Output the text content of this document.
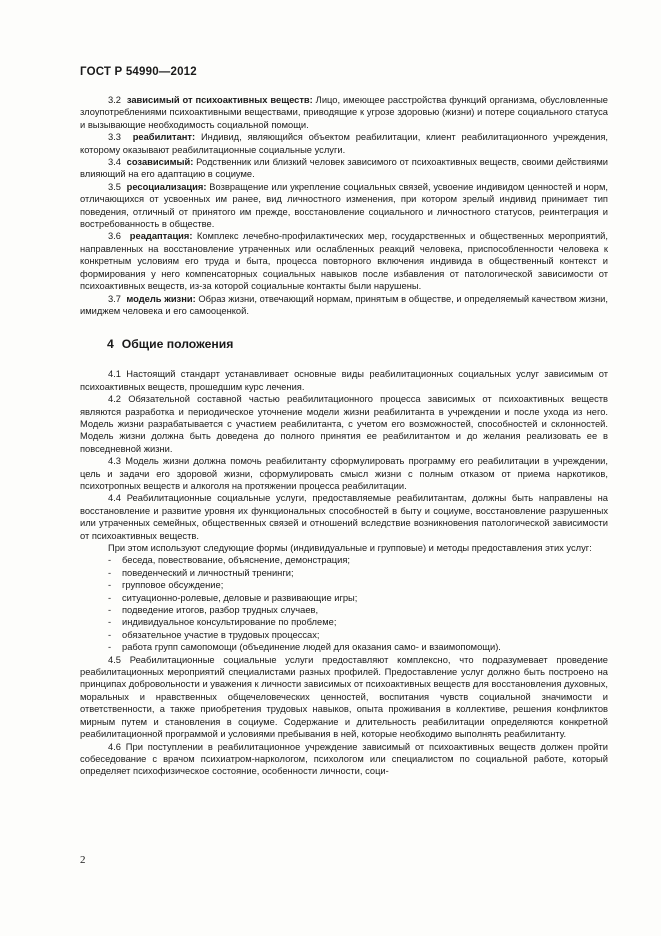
ГОСТ Р 54990—2012

3.2 зависимый от психоактивных веществ: Лицо, имеющее расстройства функций организма, обусловленные злоупотреблениями психоактивными веществами, приводящие к угрозе здоровью (жизни) и потере социального статуса и вызывающие необходимость социальной помощи.

3.3 реабилитант: Индивид, являющийся объектом реабилитации, клиент реабилитационного учреждения, которому оказывают реабилитационные социальные услуги.

3.4 созависимый: Родственник или близкий человек зависимого от психоактивных веществ, своими действиями влияющий на его адаптацию в социуме.

3.5 ресоциализация: Возвращение или укрепление социальных связей, усвоение индивидом ценностей и норм, отличающихся от усвоенных им ранее, вид личностного изменения, при котором зрелый индивид принимает тип поведения, отличный от принятого им прежде, восстановление социального и личностного статусов, реинтеграция и востребованность в обществе.

3.6 реадаптация: Комплекс лечебно-профилактических мер, государственных и общественных мероприятий, направленных на восстановление утраченных или ослабленных реакций человека, приспособленности человека к конкретным условиям его труда и быта, процесса повторного включения индивида в общественный контекст и формирования у него компенсаторных социальных навыков после избавления от патологической зависимости от психоактивных веществ, из-за которой социальные контакты были нарушены.

3.7 модель жизни: Образ жизни, отвечающий нормам, принятым в обществе, и определяемый качеством жизни, имиджем человека и его самооценкой.

4 Общие положения

4.1 Настоящий стандарт устанавливает основные виды реабилитационных социальных услуг зависимым от психоактивных веществ, прошедшим курс лечения.

4.2 Обязательной составной частью реабилитационного процесса зависимых от психоактивных веществ являются разработка и периодическое уточнение модели жизни реабилитанта в учреждении и после ухода из него. Модель жизни разрабатывается с участием реабилитанта, с учетом его возможностей, способностей и склонностей. Модель жизни должна быть доведена до полного принятия ее реабилитантом и до желания реализовать ее в повседневной жизни.

4.3 Модель жизни должна помочь реабилитанту сформулировать программу его реабилитации в учреждении, цель и задачи его здоровой жизни, сформулировать смысл жизни с полным отказом от приема наркотиков, психотропных веществ и алкоголя на протяжении процесса реабилитации.

4.4 Реабилитационные социальные услуги, предоставляемые реабилитантам, должны быть направлены на восстановление и развитие уровня их функциональных способностей в быту и социуме, восстановление разрушенных или утраченных семейных, общественных связей и отношений вследствие возникновения патологической зависимости от психоактивных веществ.

При этом используют следующие формы (индивидуальные и групповые) и методы предоставления этих услуг:

- беседа, повествование, объяснение, демонстрация;
- поведенческий и личностный тренинги;
- групповое обсуждение;
- ситуационно-ролевые, деловые и развивающие игры;
- подведение итогов, разбор трудных случаев,
- индивидуальное консультирование по проблеме;
- обязательное участие в трудовых процессах;
- работа групп самопомощи (объединение людей для оказания само- и взаимопомощи).

4.5 Реабилитационные социальные услуги предоставляют комплексно, что подразумевает проведение реабилитационных мероприятий специалистами разных профилей. Предоставление услуг должно быть построено на принципах добровольности и уважения к личности зависимых от психоактивных веществ для восстановления духовных, моральных и нравственных общечеловеческих ценностей, воспитания чувств социальной значимости и ответственности, а также приобретения трудовых навыков, опыта проживания в коллективе, решения конфликтов мирным путем и становления в социуме. Содержание и длительность реабилитации определяются конкретной реабилитационной программой и условиями пребывания в ней, которые необходимо выполнять реабилитанту.

4.6 При поступлении в реабилитационное учреждение зависимый от психоактивных веществ должен пройти собеседование с врачом психиатром-наркологом, психологом или специалистом по социальной работе, который определяет психофизическое состояние, особенности личности, соци-

2
